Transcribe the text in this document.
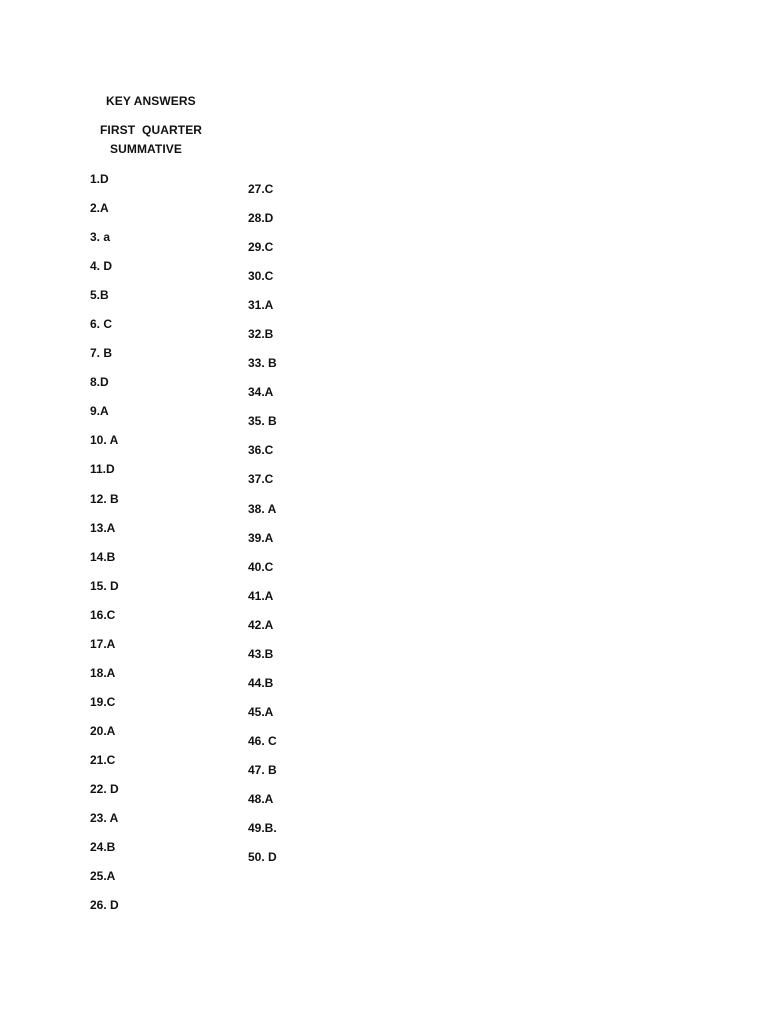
KEY ANSWERS
FIRST  QUARTER
SUMMATIVE
1.D
2.A
3. a
4. D
5.B
6. C
7. B
8.D
9.A
10. A
11.D
12. B
13.A
14.B
15. D
16.C
17.A
18.A
19.C
20.A
21.C
22. D
23. A
24.B
25.A
26. D
27.C
28.D
29.C
30.C
31.A
32.B
33. B
34.A
35. B
36.C
37.C
38. A
39.A
40.C
41.A
42.A
43.B
44.B
45.A
46. C
47. B
48.A
49.B.
50. D
